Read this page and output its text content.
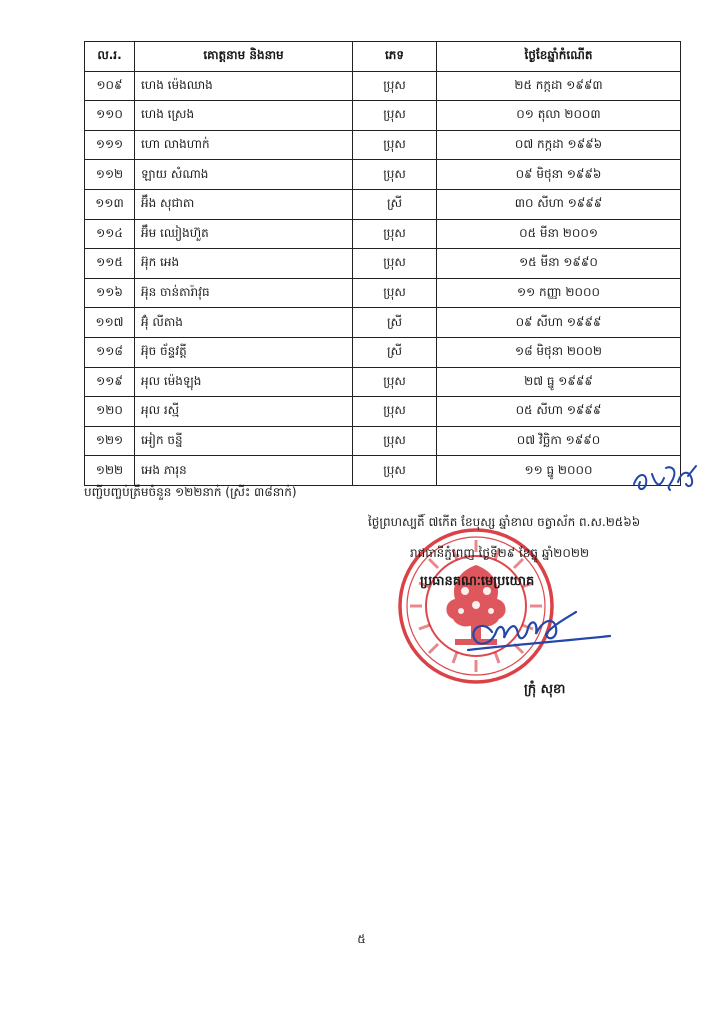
ល.រ.	គោត្តនាម និងនាម	ភេទ	ថ្ងៃខែឆ្នាំកំណើត
១០៩	ហេង ម៉េងឈាង	ប្រុស	២៥ កក្កដា ១៩៩៣
១១០	ហេង ស្រេង	ប្រុស	០១ តុលា ២០០៣
១១១	ហោ លាងហាក់	ប្រុស	០៧ កក្កដា ១៩៩៦
១១២	ឡាយ សំណាង	ប្រុស	០៩ មិថុនា ១៩៩៦
១១៣	អ៊ឹង សុជាតា	ស្រី	៣០ សីហា ១៩៩៩
១១៤	អ៊ឹម ឈៀងហ៊ួត	ប្រុស	០៥ មីនា ២០០១
១១៥	អ៊ុក អេង	ប្រុស	១៥ មីនា ១៩៩០
១១៦	អ៊ុន ចាន់តារ៉ាវុធ	ប្រុស	១១ កញ្ញា ២០០០
១១៧	អ៊ុំ លីតាង	ស្រី	០៩ សីហា ១៩៩៩
១១៨	អ៊ុច ច័ន្ទវត្តី	ស្រី	១៨ មិថុនា ២០០២
១១៩	អុល ម៉េងឡុង	ប្រុស	២៧ ធ្នូ ១៩៩៩
១២០	អុល រស្មី	ប្រុស	០៥ សីហា ១៩៩៩
១២១	អៀក ចន្នី	ប្រុស	០៧ វិច្ឆិកា ១៩៩០
១២២	អេង ភារុន	ប្រុស	១១ ធ្នូ ២០០០
បញ្ជីបញ្ចប់ត្រឹមចំនួន ១២២នាក់ (ស្រីះ ៣៨នាក់)
ថ្ងៃព្រហស្បតិ៍ ៧កើត ខែបុស្ស ឆ្នាំខាល ចត្វាស័ក ព.ស.២៥៦៦
រាជធានីភ្នំពេញ ថ្ងៃទី២៩ ខែធ្នូ ឆ្នាំ២០២២
ប្រធានគណៈមេប្រយោគ
ក្រុំ សុខា
៥
